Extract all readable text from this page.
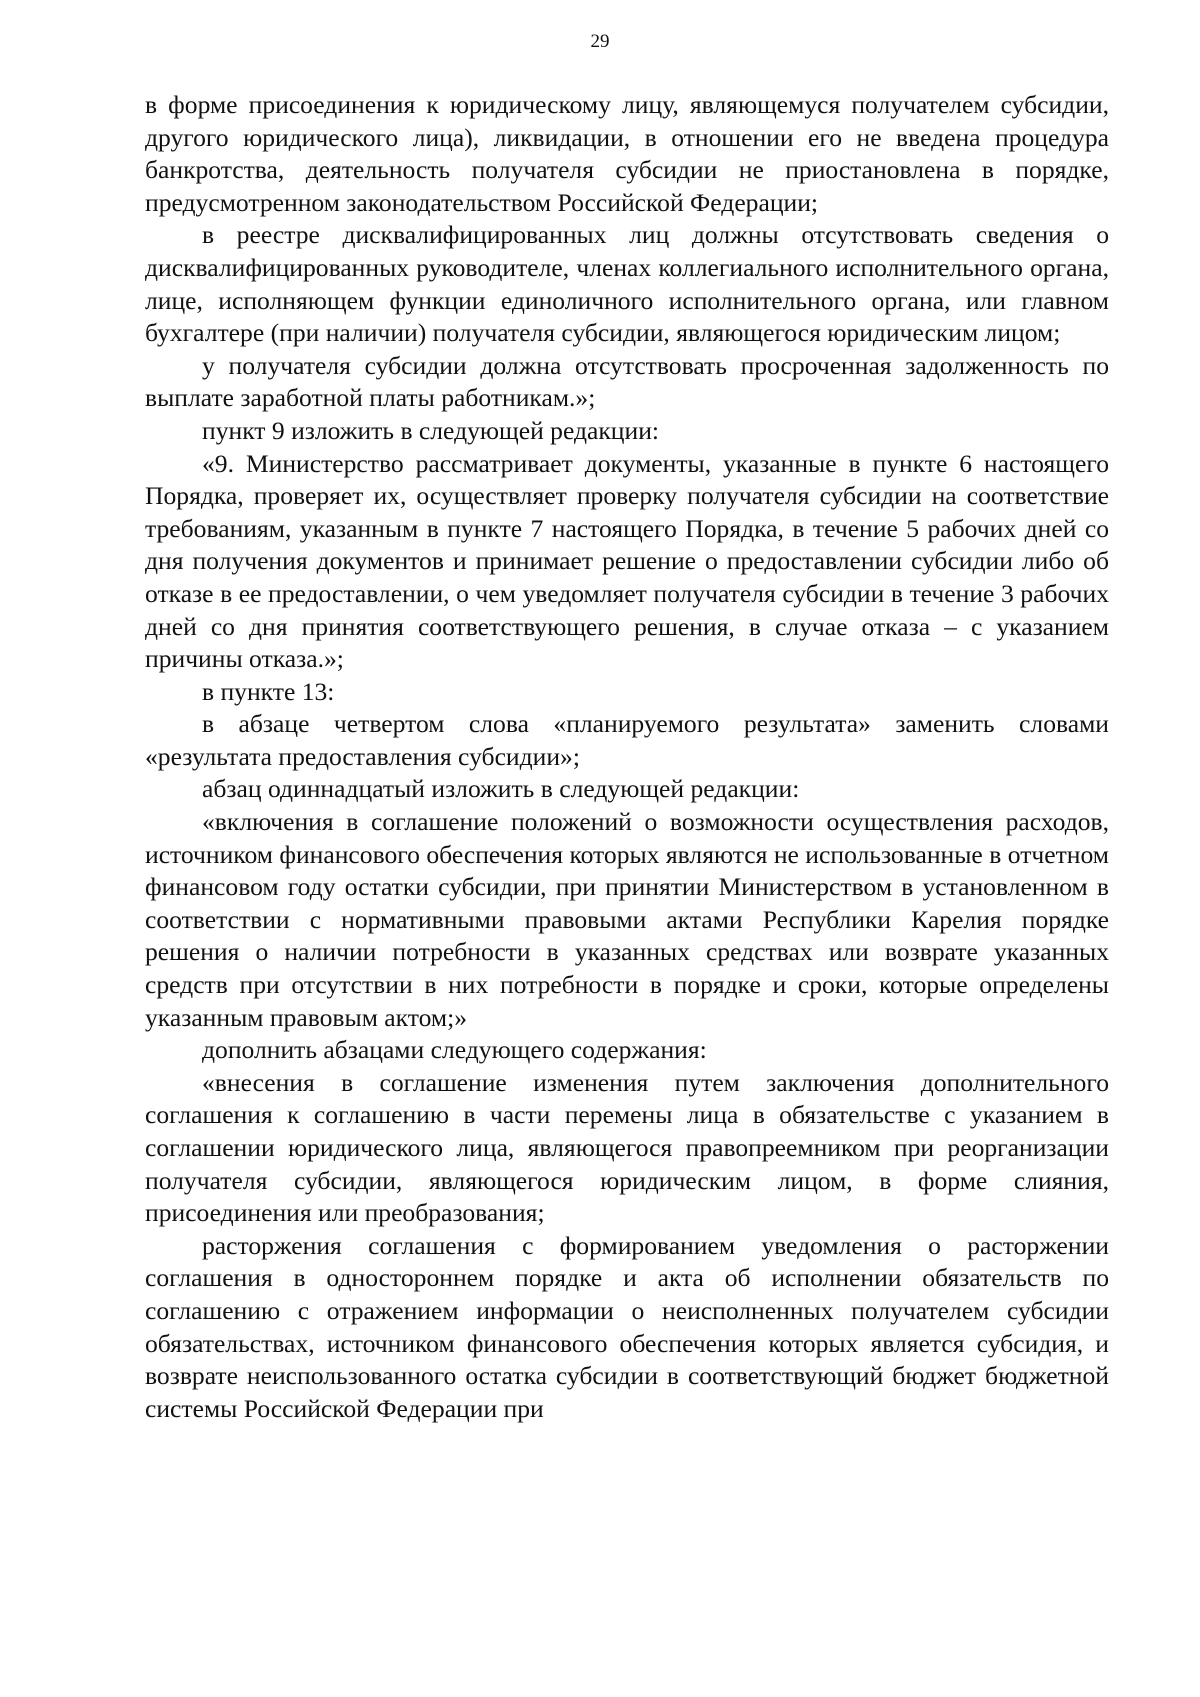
29

в форме присоединения к юридическому лицу, являющемуся получателем субсидии, другого юридического лица), ликвидации, в отношении его не введена процедура банкротства, деятельность получателя субсидии не приостановлена в порядке, предусмотренном законодательством Российской Федерации;

в реестре дисквалифицированных лиц должны отсутствовать сведения о дисквалифицированных руководителе, членах коллегиального исполнительного органа, лице, исполняющем функции единоличного исполнительного органа, или главном бухгалтере (при наличии) получателя субсидии, являющегося юридическим лицом;

у получателя субсидии должна отсутствовать просроченная задолженность по выплате заработной платы работникам.»;

пункт 9 изложить в следующей редакции:

«9. Министерство рассматривает документы, указанные в пункте 6 настоящего Порядка, проверяет их, осуществляет проверку получателя субсидии на соответствие требованиям, указанным в пункте 7 настоящего Порядка, в течение 5 рабочих дней со дня получения документов и принимает решение о предоставлении субсидии либо об отказе в ее предоставлении, о чем уведомляет получателя субсидии в течение 3 рабочих дней со дня принятия соответствующего решения, в случае отказа – с указанием причины отказа.»;

в пункте 13:

в абзаце четвертом слова «планируемого результата» заменить словами «результата предоставления субсидии»;

абзац одиннадцатый изложить в следующей редакции:

«включения в соглашение положений о возможности осуществления расходов, источником финансового обеспечения которых являются не использованные в отчетном финансовом году остатки субсидии, при принятии Министерством в установленном в соответствии с нормативными правовыми актами Республики Карелия порядке решения о наличии потребности в указанных средствах или возврате указанных средств при отсутствии в них потребности в порядке и сроки, которые определены указанным правовым актом;»

дополнить абзацами следующего содержания:

«внесения в соглашение изменения путем заключения дополнительного соглашения к соглашению в части перемены лица в обязательстве с указанием в соглашении юридического лица, являющегося правопреемником при реорганизации получателя субсидии, являющегося юридическим лицом, в форме слияния, присоединения или преобразования;

расторжения соглашения с формированием уведомления о расторжении соглашения в одностороннем порядке и акта об исполнении обязательств по соглашению с отражением информации о неисполненных получателем субсидии обязательствах, источником финансового обеспечения которых является субсидия, и возврате неиспользованного остатка субсидии в соответствующий бюджет бюджетной системы Российской Федерации при
